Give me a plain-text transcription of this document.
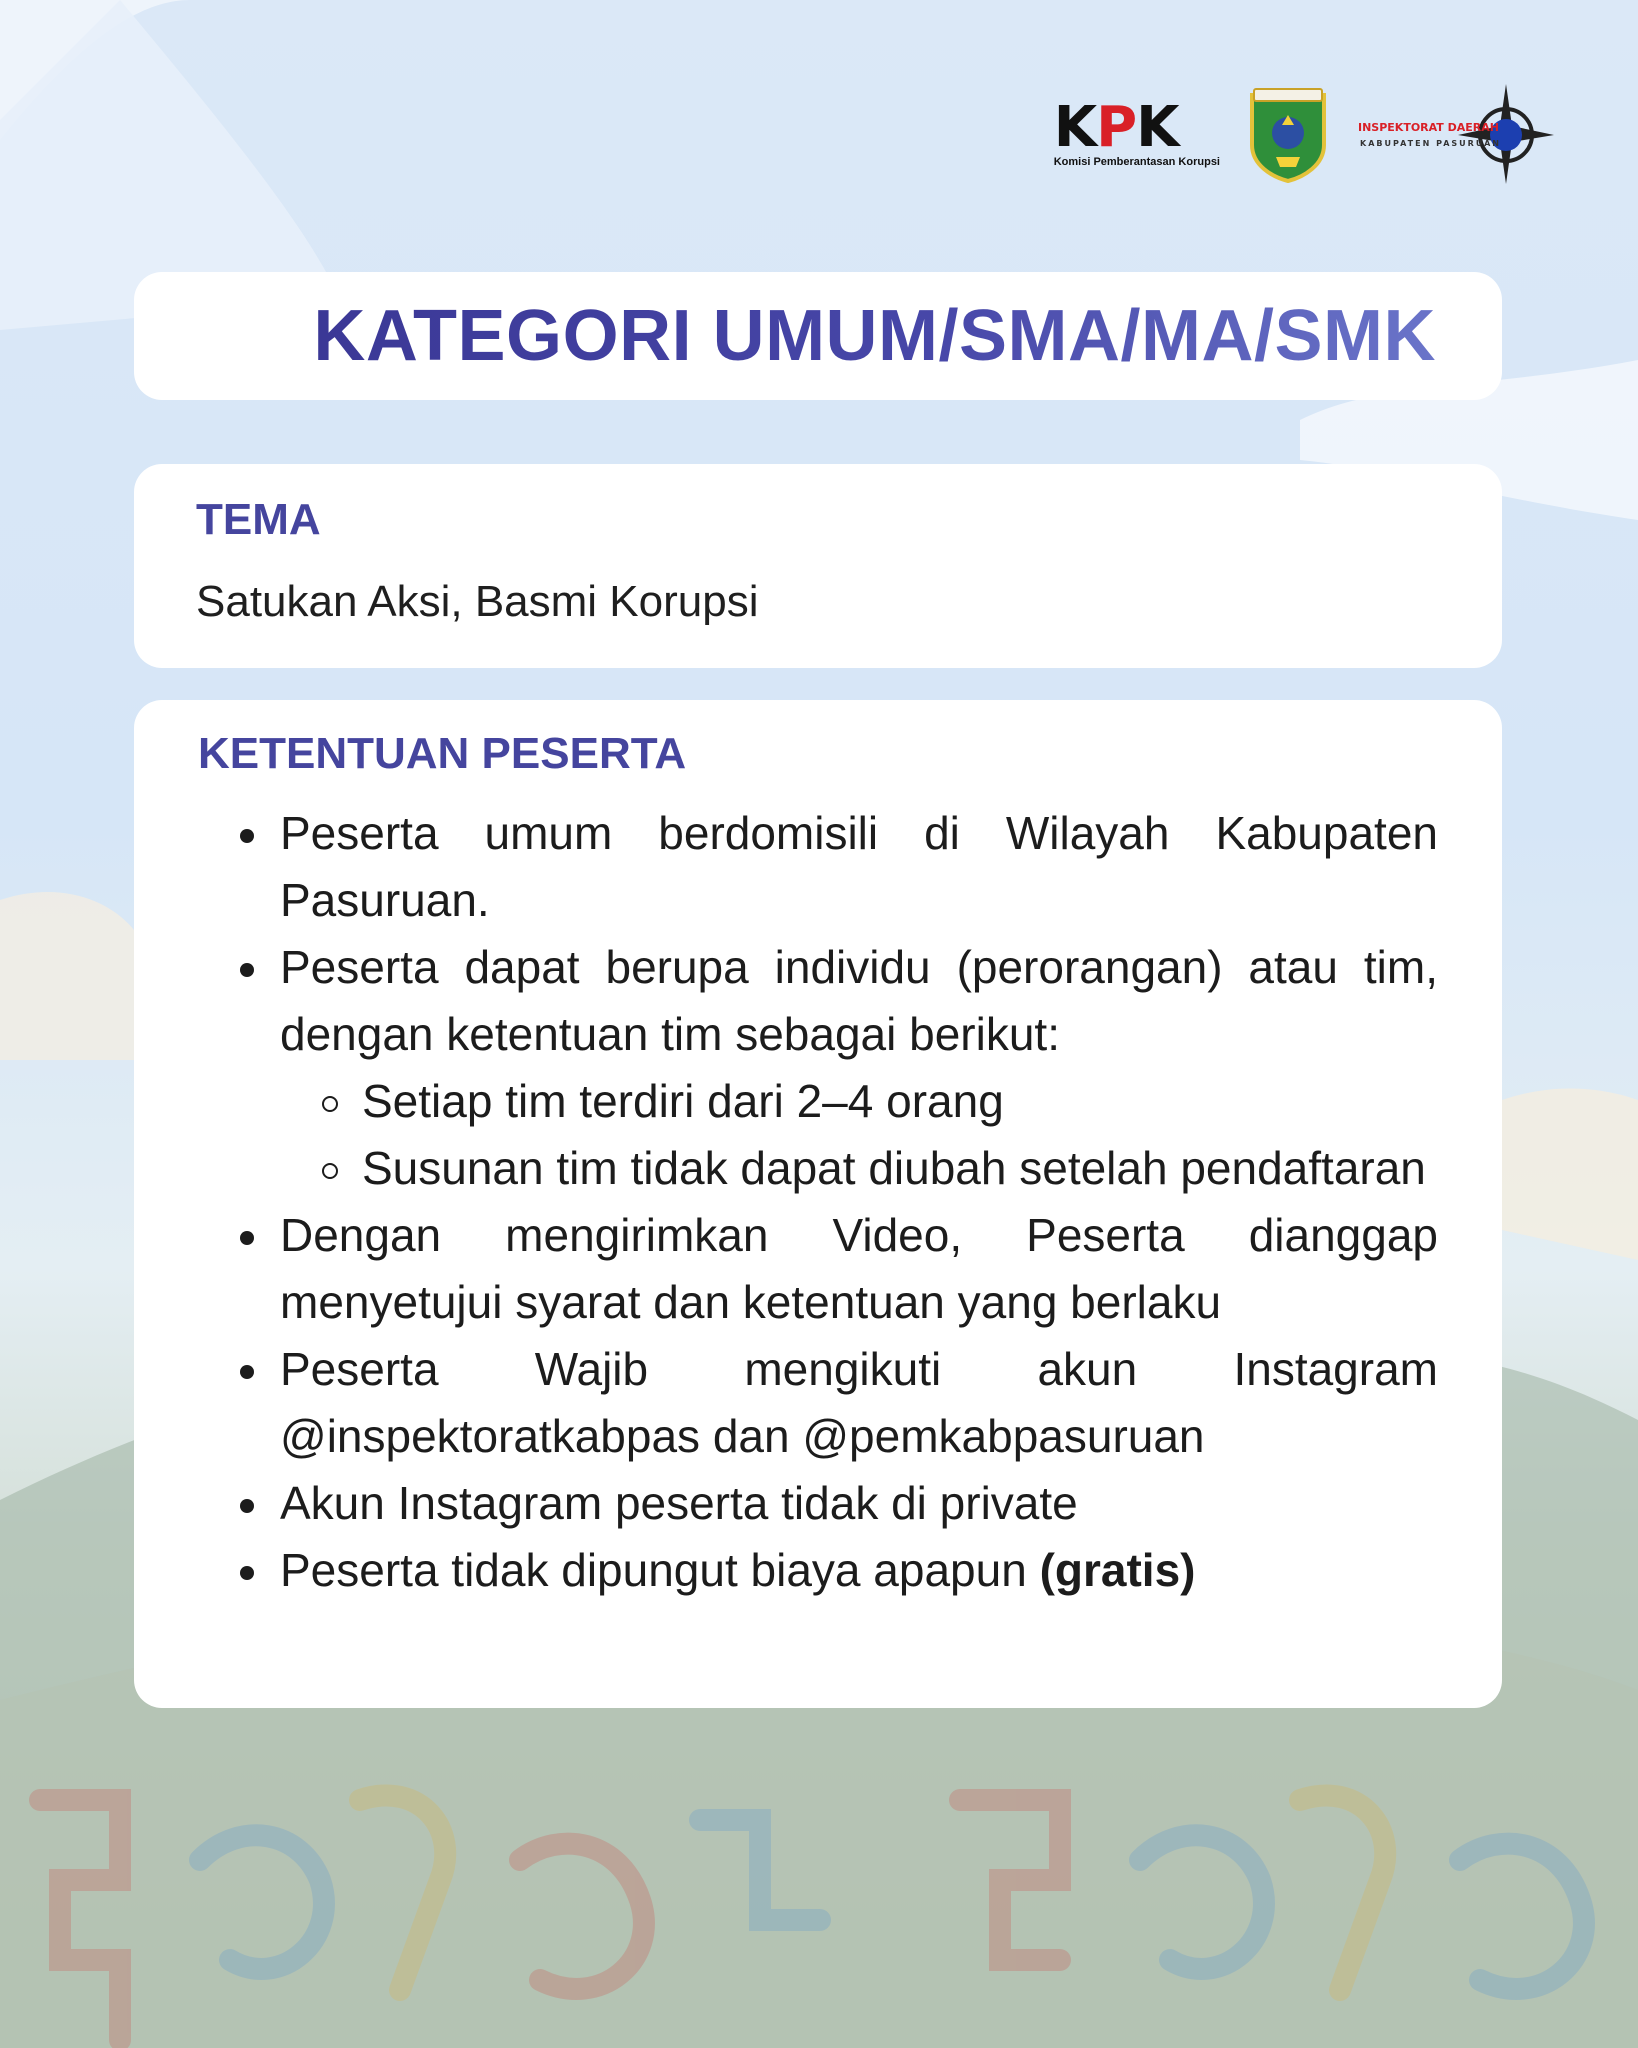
KPK
Komisi Pemberantasan Korupsi
INSPEKTORAT DAERAH
KABUPATEN PASURUAN
KATEGORI UMUM/SMA/MA/SMK
TEMA
Satukan Aksi, Basmi Korupsi
KETENTUAN PESERTA
Peserta umum berdomisili di Wilayah Kabupaten Pasuruan.
Peserta dapat berupa individu (perorangan) atau tim, dengan ketentuan tim sebagai berikut:
Setiap tim terdiri dari 2–4 orang
Susunan tim tidak dapat diubah setelah pendaftaran
Dengan mengirimkan Video, Peserta dianggap menyetujui syarat dan ketentuan yang berlaku
Peserta Wajib mengikuti akun Instagram @inspektoratkabpas dan @pemkabpasuruan
Akun Instagram peserta tidak di private
Peserta tidak dipungut biaya apapun (gratis)
